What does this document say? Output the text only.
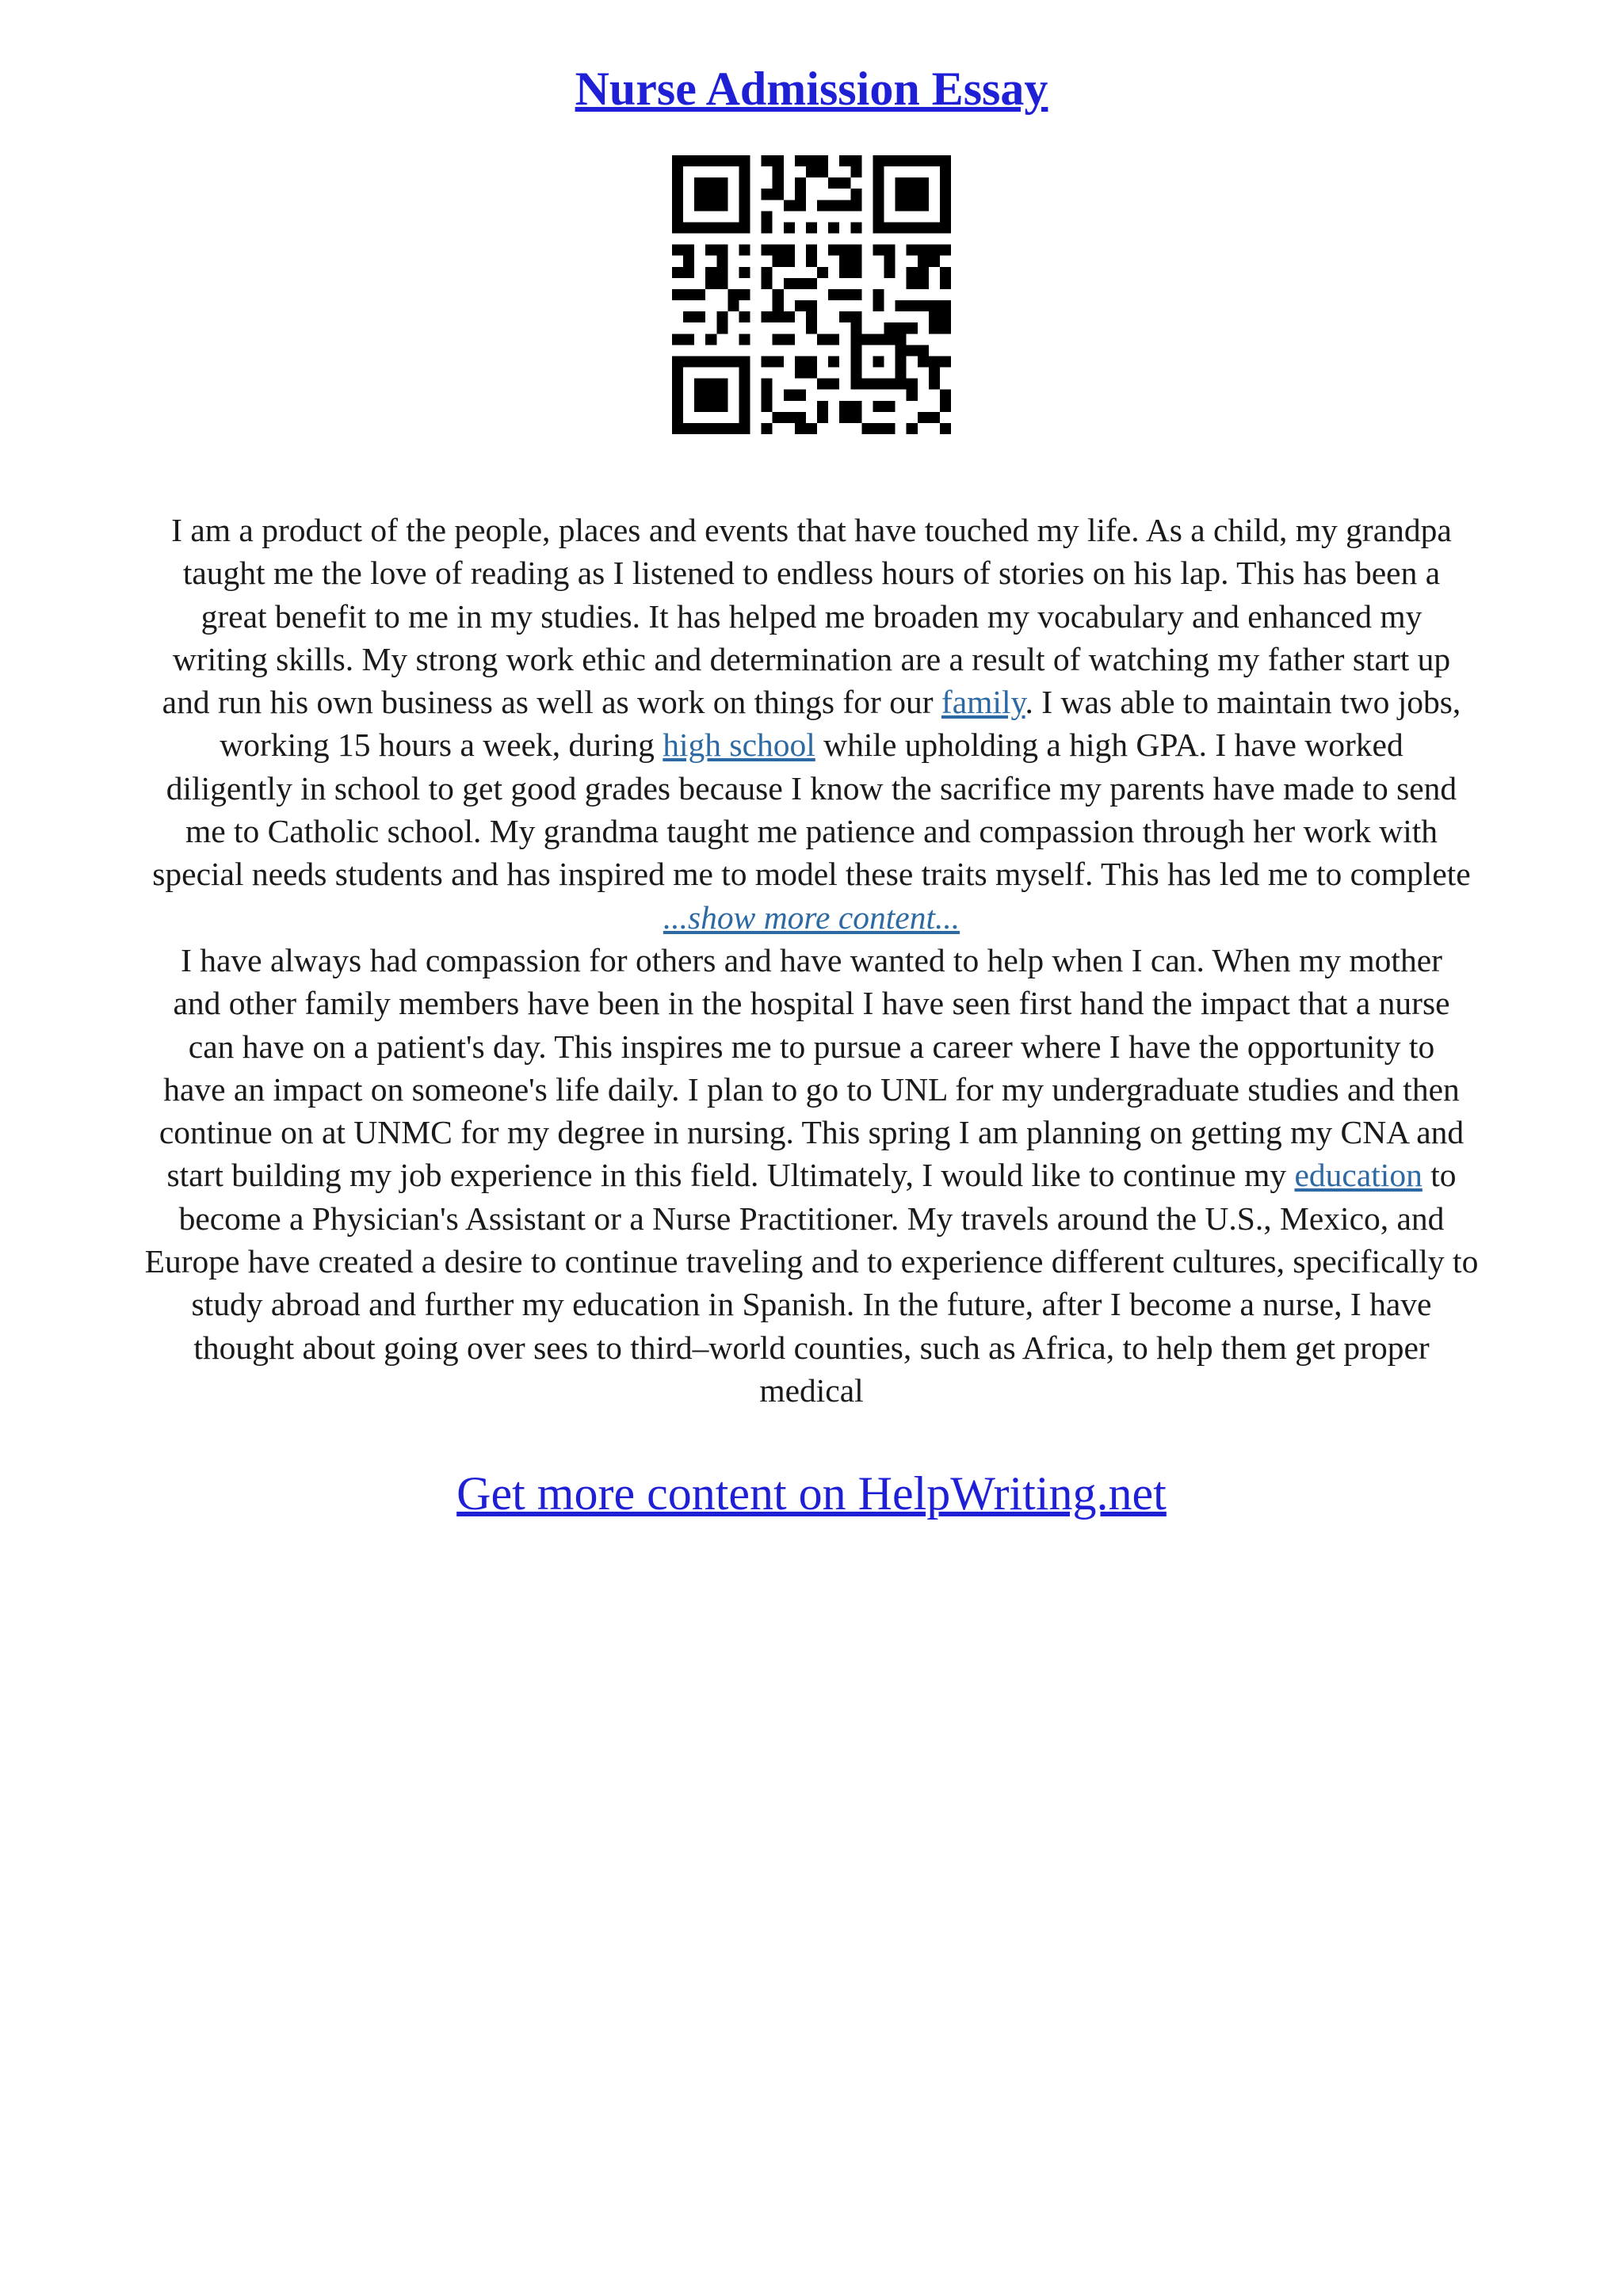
Nurse Admission Essay
I am a product of the people, places and events that have touched my life. As a child, my grandpa
taught me the love of reading as I listened to endless hours of stories on his lap. This has been a
great benefit to me in my studies. It has helped me broaden my vocabulary and enhanced my
writing skills. My strong work ethic and determination are a result of watching my father start up
and run his own business as well as work on things for our family. I was able to maintain two jobs,
working 15 hours a week, during high school while upholding a high GPA. I have worked
diligently in school to get good grades because I know the sacrifice my parents have made to send
me to Catholic school. My grandma taught me patience and compassion through her work with
special needs students and has inspired me to model these traits myself. This has led me to complete
...show more content...
I have always had compassion for others and have wanted to help when I can. When my mother
and other family members have been in the hospital I have seen first hand the impact that a nurse
can have on a patient's day. This inspires me to pursue a career where I have the opportunity to
have an impact on someone's life daily. I plan to go to UNL for my undergraduate studies and then
continue on at UNMC for my degree in nursing. This spring I am planning on getting my CNA and
start building my job experience in this field. Ultimately, I would like to continue my education to
become a Physician's Assistant or a Nurse Practitioner. My travels around the U.S., Mexico, and
Europe have created a desire to continue traveling and to experience different cultures, specifically to
study abroad and further my education in Spanish. In the future, after I become a nurse, I have
thought about going over sees to third–world counties, such as Africa, to help them get proper
medical
Get more content on HelpWriting.net
